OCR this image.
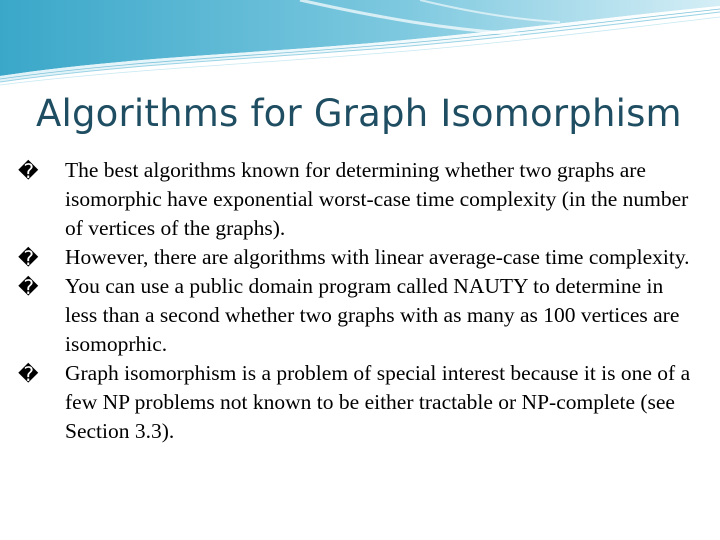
Algorithms for Graph Isomorphism
� The best algorithms known for determining whether two graphs are isomorphic have exponential worst-case time complexity (in the number of vertices of the graphs).
� However, there are algorithms with linear average-case time complexity.
� You can use a public domain program called NAUTY to determine in less than a second whether two graphs with as many as 100 vertices are isomoprhic.
� Graph isomorphism is a problem of special interest because it is one of a few NP problems not known to be either tractable or NP-complete (see Section 3.3).
